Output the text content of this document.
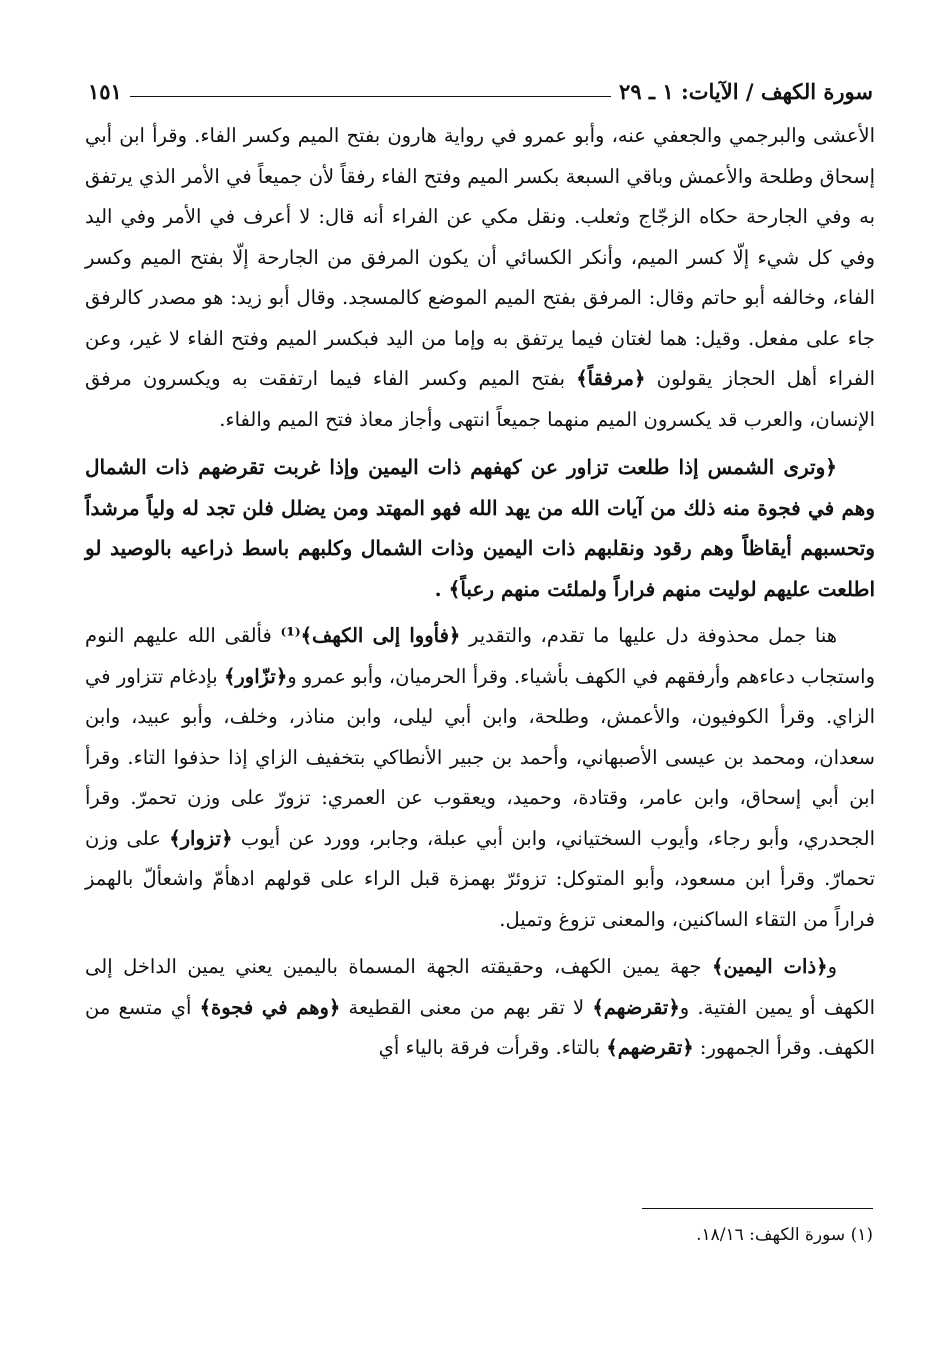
سورة الكهف / الآيات: ١ ـ ٢٩
١٥١

الأعشى والبرجمي والجعفي عنه، وأبو عمرو في رواية هارون بفتح الميم وكسر الفاء. وقرأ ابن أبي إسحاق وطلحة والأعمش وباقي السبعة بكسر الميم وفتح الفاء رفقاً لأن جميعاً في الأمر الذي يرتفق به وفي الجارحة حكاه الزجّاج وثعلب. ونقل مكي عن الفراء أنه قال: لا أعرف في الأمر وفي اليد وفي كل شيء إلّا كسر الميم، وأنكر الكسائي أن يكون المرفق من الجارحة إلّا بفتح الميم وكسر الفاء، وخالفه أبو حاتم وقال: المرفق بفتح الميم الموضع كالمسجد. وقال أبو زيد: هو مصدر كالرفق جاء على مفعل. وقيل: هما لغتان فيما يرتفق به وإما من اليد فبكسر الميم وفتح الفاء لا غير، وعن الفراء أهل الحجاز يقولون ﴿مرفقاً﴾ بفتح الميم وكسر الفاء فيما ارتفقت به ويكسرون مرفق الإنسان، والعرب قد يكسرون الميم منهما جميعاً انتهى وأجاز معاذ فتح الميم والفاء.

﴿وترى الشمس إذا طلعت تزاور عن كهفهم ذات اليمين وإذا غربت تقرضهم ذات الشمال وهم في فجوة منه ذلك من آيات الله من يهد الله فهو المهتد ومن يضلل فلن تجد له ولياً مرشداً وتحسبهم أيقاظاً وهم رقود ونقلبهم ذات اليمين وذات الشمال وكلبهم باسط ذراعيه بالوصيد لو اطلعت عليهم لوليت منهم فراراً ولملئت منهم رعباً﴾ .

هنا جمل محذوفة دل عليها ما تقدم، والتقدير ﴿فأووا إلى الكهف﴾⁽¹⁾ فألقى الله عليهم النوم واستجاب دعاءهم وأرفقهم في الكهف بأشياء. وقرأ الحرميان، وأبو عمرو و﴿تزّاور﴾ بإدغام تتزاور في الزاي. وقرأ الكوفيون، والأعمش، وطلحة، وابن أبي ليلى، وابن مناذر، وخلف، وأبو عبيد، وابن سعدان، ومحمد بن عيسى الأصبهاني، وأحمد بن جبير الأنطاكي بتخفيف الزاي إذا حذفوا التاء. وقرأ ابن أبي إسحاق، وابن عامر، وقتادة، وحميد، ويعقوب عن العمري: تزورّ على وزن تحمرّ. وقرأ الجحدري، وأبو رجاء، وأيوب السختياني، وابن أبي عبلة، وجابر، وورد عن أيوب ﴿تزوار﴾ على وزن تحمارّ. وقرأ ابن مسعود، وأبو المتوكل: تزوئرّ بهمزة قبل الراء على قولهم ادهأمّ واشعألّ بالهمز فراراً من التقاء الساكنين، والمعنى تزوغ وتميل.

و﴿ذات اليمين﴾ جهة يمين الكهف، وحقيقته الجهة المسماة باليمين يعني يمين الداخل إلى الكهف أو يمين الفتية. و﴿تقرضهم﴾ لا تقر بهم من معنى القطيعة ﴿وهم في فجوة﴾ أي متسع من الكهف. وقرأ الجمهور: ﴿تقرضهم﴾ بالتاء. وقرأت فرقة بالياء أي

(١) سورة الكهف: ١٨/١٦.
